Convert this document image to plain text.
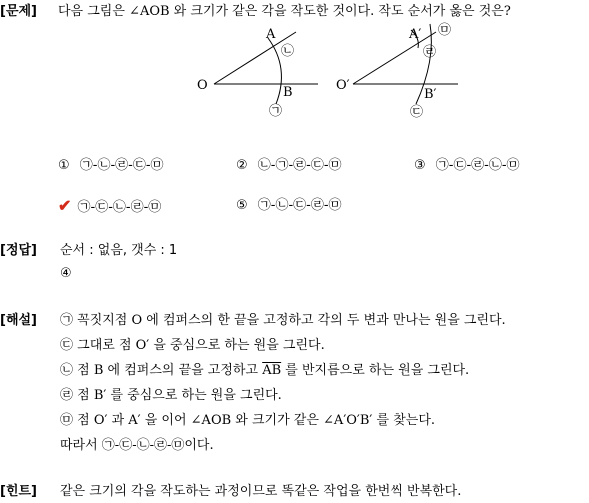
[문제] 다음 그림은 ∠AOB 와 크기가 같은 각을 작도한 것이다. 작도 순서가 옳은 것은?
O
A
B
㉡
㉠
O′
A′
B′
㉤
㉣
㉢
① ㉠-㉡-㉣-㉢-㉤	② ㉡-㉠-㉣-㉢-㉤	③ ㉠-㉢-㉣-㉡-㉤
✔ ㉠-㉢-㉡-㉣-㉤	⑤ ㉠-㉡-㉢-㉣-㉤
[정답] 순서 : 없음, 갯수 : 1
④
[해설] ㉠ 꼭짓지점 O 에 컴퍼스의 한 끝을 고정하고 각의 두 변과 만나는 원을 그린다.
㉢ 그대로 점 O′ 을 중심으로 하는 원을 그린다.
㉡ 점 B 에 컴퍼스의 끝을 고정하고 $\overline{AB}$ 를 반지름으로 하는 원을 그린다.
㉣ 점 B′ 를 중심으로 하는 원을 그린다.
㉤ 점 O′ 과 A′ 을 이어 ∠AOB 와 크기가 같은 ∠A′O′B′ 를 찾는다.
따라서 ㉠-㉢-㉡-㉣-㉤이다.
[힌트] 같은 크기의 각을 작도하는 과정이므로 똑같은 작업을 한번씩 반복한다.
